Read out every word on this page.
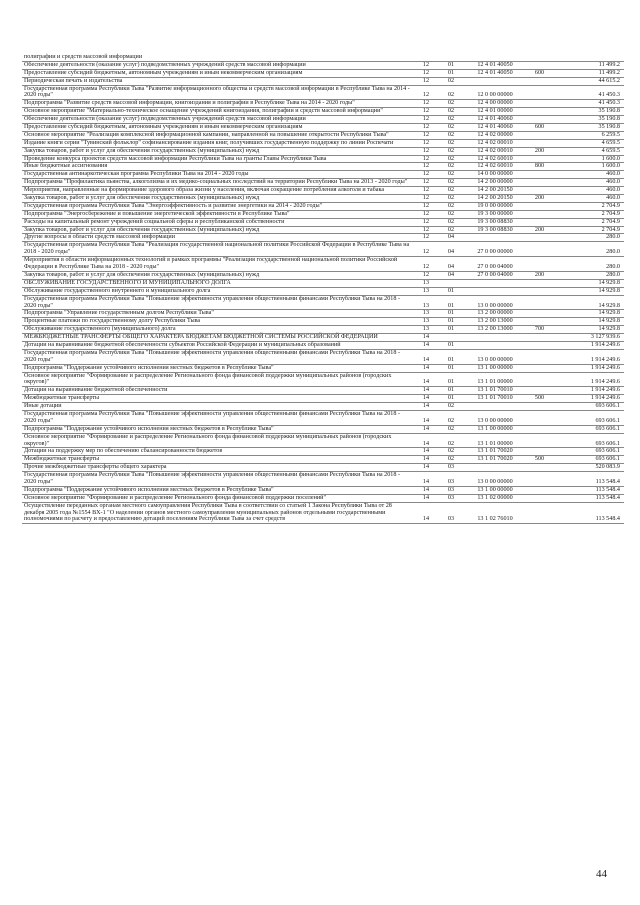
полиграфии и средств массовой информации					
Обеспечение деятельности (оказание услуг) подведомственных учреждений средств массовой информации	12	01	12 4 01 40050		11 499.2
Предоставление субсидий бюджетным, автономным учреждениям и иным некоммерческим организациям	12	01	12 4 01 40050	600	11 499.2
Периодическая печать и издательства	12	02			44 615.2
Государственная программа Республики Тыва "Развитие информационного общества и средств массовой информации в Республике Тыва на 2014 - 2020 годы"	12	02	12 0 00 00000		41 450.3
Подпрограмма "Развитие средств массовой информации, книгоиздания и полиграфии в Республике Тыва на 2014 - 2020 годы"	12	02	12 4 00 00000		41 450.3
Основное мероприятие "Материально-техническое оснащение учреждений книгоиздания, полиграфии и средств массовой информации"	12	02	12 4 01 00000		35 190.8
Обеспечение деятельности (оказание услуг) подведомственных учреждений средств массовой информации	12	02	12 4 01 40060		35 190.8
Предоставление субсидий бюджетным, автономным учреждениям и иным некоммерческим организациям	12	02	12 4 01 40060	600	35 190.8
Основное мероприятие "Реализация комплексной информационной кампании, направленной на повышение открытости Республики Тыва"	12	02	12 4 02 00000		6 259.5
Издание книги серии "Тувинский фольклор" софинансирование издания книг, получивших государственную поддержку по линии Роспечати	12	02	12 4 02 00010		4 659.5
Закупка товаров, работ и услуг для обеспечения государственных (муниципальных) нужд	12	02	12 4 02 00010	200	4 659.5
Проведение конкурса проектов средств массовой информации Республики Тыва на гранты Главы Республики Тыва	12	02	12 4 02 60010		1 600.0
Иные бюджетные ассигнования	12	02	12 4 02 60010	800	1 600.0
Государственная антинаркотическая программа Республики Тыва на 2014 - 2020 годы	12	02	14 0 00 00000		460.0
Подпрограмма "Профилактика пьянства, алкоголизма и их медико-социальных последствий на территории Республики Тыва на 2013 - 2020 годы"	12	02	14 2 00 00000		460.0
Мероприятия, направленные на формирование здорового образа жизни у населения, включая сокращение потребления алкоголя и табака	12	02	14 2 00 20150		460.0
Закупка товаров, работ и услуг для обеспечения государственных (муниципальных) нужд	12	02	14 2 00 20150	200	460.0
Государственная программа Республики Тыва "Энергоэффективность и развитие энергетики на 2014 - 2020 годы"	12	02	19 0 00 00000		2 704.9
Подпрограмма "Энергосбережение и повышение энергетической эффективности в Республике Тыва"	12	02	19 3 00 00000		2 704.9
Расходы на капитальный ремонт учреждений социальной сферы и республиканской собственности	12	02	19 3 00 08830		2 704.9
Закупка товаров, работ и услуг для обеспечения государственных (муниципальных) нужд	12	02	19 3 00 08830	200	2 704.9
Другие вопросы в области средств массовой информации	12	04			280.0
Государственная программа Республики Тыва "Реализация государственной национальной политики Российской Федерации в Республике Тыва на 2018 - 2020 годы"	12	04	27 0 00 00000		280.0
Мероприятия в области информационных технологий в рамках программы "Реализация государственной национальной политики Российской Федерации в Республике Тыва на 2018 - 2020 годы"	12	04	27 0 00 04000		280.0
Закупка товаров, работ и услуг для обеспечения государственных (муниципальных) нужд	12	04	27 0 00 04000	200	280.0
ОБСЛУЖИВАНИЕ ГОСУДАРСТВЕННОГО И МУНИЦИПАЛЬНОГО ДОЛГА	13				14 929.8
Обслуживание государственного внутреннего и муниципального долга	13	01			14 929.8
Государственная программа Республики Тыва "Повышение эффективности управления общественными финансами Республики Тыва на 2018 - 2020 годы"	13	01	13 0 00 00000		14 929.8
Подпрограмма "Управление государственным долгом Республики Тыва"	13	01	13 2 00 00000		14 929.8
Процентные платежи по государственному долгу Республики Тыва	13	01	13 2 00 13000		14 929.8
Обслуживание государственного (муниципального) долга	13	01	13 2 00 13000	700	14 929.8
МЕЖБЮДЖЕТНЫЕ ТРАНСФЕРТЫ ОБЩЕГО ХАРАКТЕРА БЮДЖЕТАМ БЮДЖЕТНОЙ СИСТЕМЫ РОССИЙСКОЙ ФЕДЕРАЦИИ	14				3 127 939.6
Дотации на выравнивание бюджетной обеспеченности субъектов Российской Федерации и муниципальных образований	14	01			1 914 249.6
Государственная программа Республики Тыва "Повышение эффективности управления общественными финансами Республики Тыва на 2018 - 2020 годы"	14	01	13 0 00 00000		1 914 249.6
Подпрограмма "Поддержание устойчивого исполнения местных бюджетов в Республике Тыва"	14	01	13 1 00 00000		1 914 249.6
Основное мероприятие "Формирование и распределение Регионального фонда финансовой поддержки муниципальных районов (городских округов)"	14	01	13 1 01 00000		1 914 249.6
Дотации на выравнивание бюджетной обеспеченности	14	01	13 1 01 70010		1 914 249.6
Межбюджетные трансферты	14	01	13 1 01 70010	500	1 914 249.6
Иные дотации	14	02			693 606.1
Государственная программа Республики Тыва "Повышение эффективности управления общественными финансами Республики Тыва на 2018 - 2020 годы"	14	02	13 0 00 00000		693 606.1
Подпрограмма "Поддержание устойчивого исполнения местных бюджетов в Республике Тыва"	14	02	13 1 00 00000		693 606.1
Основное мероприятие "Формирование и распределение Регионального фонда финансовой поддержки муниципальных районов (городских округов)"	14	02	13 1 01 00000		693 606.1
Дотации на поддержку мер по обеспечению сбалансированности бюджетов	14	02	13 1 01 70020		693 606.1
Межбюджетные трансферты	14	02	13 1 01 70020	500	693 606.1
Прочие межбюджетные трансферты общего характера	14	03			520 083.9
Государственная программа Республики Тыва "Повышение эффективности управления общественными финансами Республики Тыва на 2018 - 2020 годы"	14	03	13 0 00 00000		113 548.4
Подпрограмма "Поддержание устойчивого исполнения местных бюджетов в Республике Тыва"	14	03	13 1 00 00000		113 548.4
Основное мероприятие "Формирование и распределение Регионального фонда финансовой поддержки поселений"	14	03	13 1 02 00000		113 548.4
Осуществление переданных органам местного самоуправления Республики Тыва в соответствии со статьей 1 Закона Республики Тыва от 28 декабря 2005 года №1554 ВХ-1 "О наделении органов местного самоуправления муниципальных районов отдельными государственными полномочиями по расчету и предоставлению дотаций поселениям Республики Тыва за счет средств	14	03	13 1 02 76010		113 548.4
44
